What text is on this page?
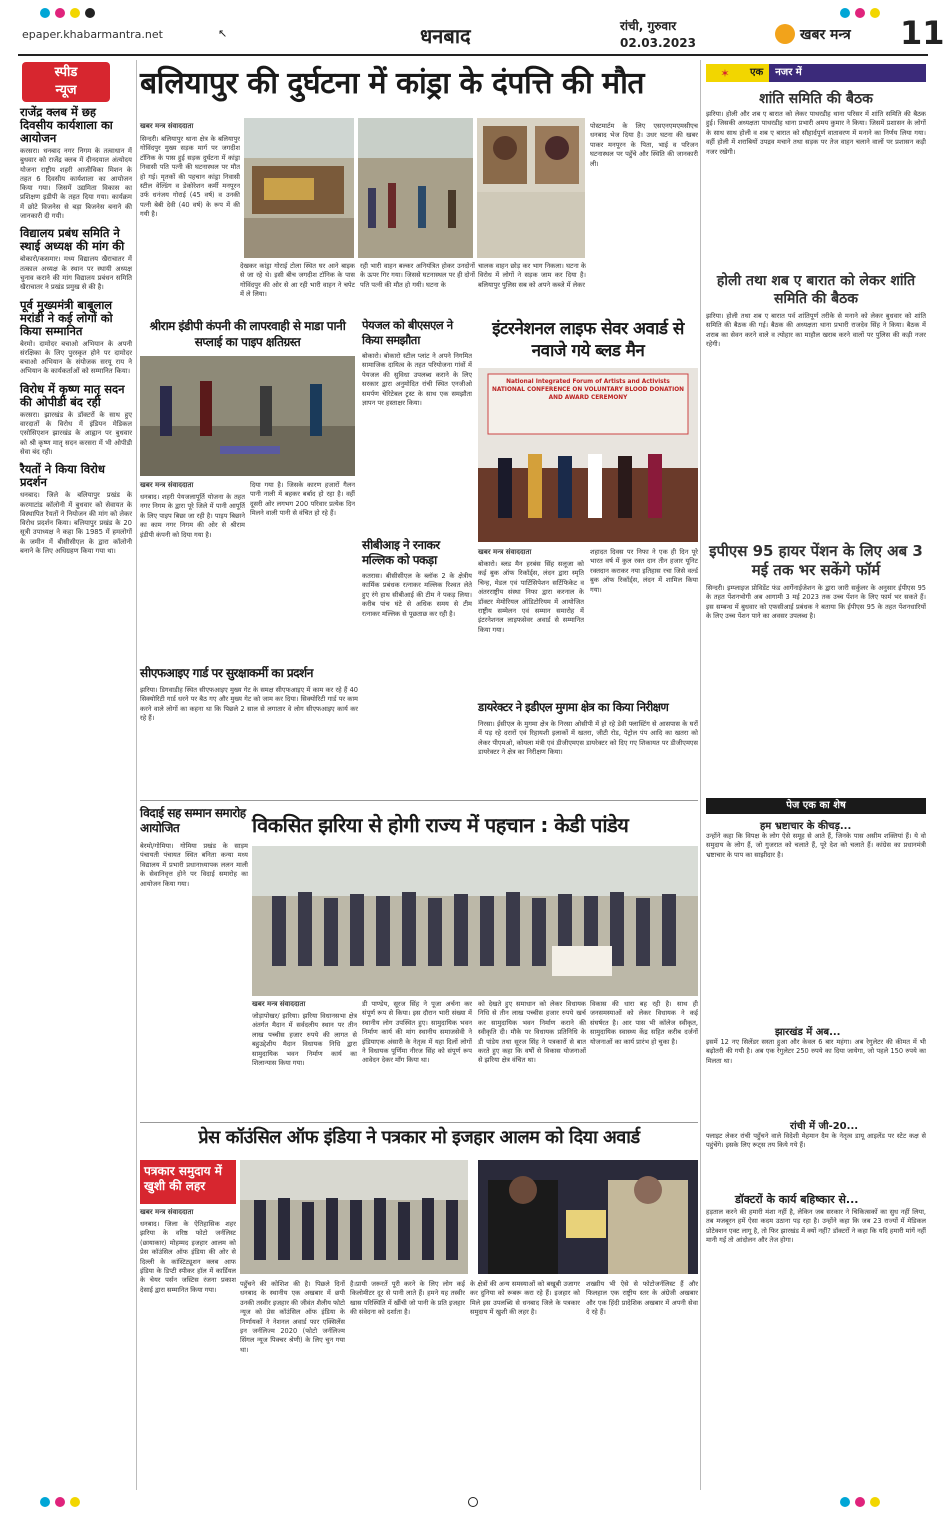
epaper.khabarmantra.net	↖	धनबाद	रांची, गुरुवार
02.03.2023
खबर मन्त्र 11
स्पीड
न्यूज
राजेंद्र क्लब में छह दिवसीय कार्यशाला का आयोजन
करसरा। धनबाद नगर निगम के तत्वाधान में बुधवार को राजेंद्र क्लब में दीनदयाल अंत्योदय योजना राष्ट्रीय शहरी आजीविका मिशन के तहत 6 दिवसीय कार्यशाला का आयोजन किया गया। जिसमें उद्यमिता विकास का प्रशिक्षण इडीपी के तहत दिया गया। कार्यक्रम में छोटे विजनेस से बड़ा बिजनेस बनाने की जानकारी दी गयी।
विद्यालय प्रबंध समिति ने स्थाई अध्यक्ष की मांग की
बोकारो/कसमार। मध्य विद्यालय खैराचातर में तत्काल अध्यक्ष के स्थान पर स्थायी अध्यक्ष चुनाव कराने की मांग विद्यालय प्रबंधन समिति खैराचातर ने प्रखंड प्रमुख से की है।
पूर्व मुख्यमंत्री बाबूलाल मरांडी ने कई लोगों को किया सम्मानित
बेरमो। दामोदर बचाओ अभियान के अपनी संरक्षिका के लिए पुरस्कृत होने पर दामोदर बचाओ अभियान के संयोजक सरयू राय ने अभियान के कार्यकर्ताओं को सम्मानित किया।
विरोध में कृष्ण मातृ सदन की ओपीडी बंद रही
करसरा। झारखंड के डॉक्टरों के साथ हुए वारदातों के विरोध में इंडियन मेडिकल एसोसिएशन झारखंड के आह्वान पर बुधवार को श्री कृष्ण मातृ सदन करसरा में भी ओपीडी सेवा बंद रही।
रैयतों ने किया विरोध प्रदर्शन
धनबाद। जिले के बलियापुर प्रखंड के करमाटांड कॉलोनी में बुधवार को सेवायत के विस्थापित रैयतों ने नियोजन की मांग को लेकर विरोध प्रदर्शन किया। बलियापुर प्रखंड के 20 सूत्री उपाध्यक्ष ने कहा कि 1985 में हमलोगों के जमीन में बीसीसीएल के द्वारा कॉलोनी बनाने के लिए अधिग्रहण किया गया था।
बलियापुर की दुर्घटना में कांड्रा के दंपत्ति की मौत
खबर मन्त्र संवाददाता
सिन्दरी। बलियापुर थाना क्षेत्र के बलियापुर गोविंदपुर मुख्य सड़क मार्ग पर जगदीश टॉनिक के पास हुई सड़क दुर्घटना में कांड्रा निवासी पति पत्नी की घटनास्थल पर मौत हो गई। मृतकों की पहचान कांड्रा निवासी स्टील वेल्डिंग व डेकोरेशन कर्मी मनपूरन उर्फ धनंजय गोराई (45 वर्ष) व उनकी पत्नी बेबी देवी (40 वर्ष) के रूप में की गयी है।
देखकर कांड्रा गोराई टोला स्थित घर आने बाइक से जा रहे थे। इसी बीच जगदीश टॉनिक के पास गोविंदपुर की ओर से आ रही भारी वाहन ने चपेट में ले लिया।
रही भारी वाहन बल्कर अनियंत्रित होकर उनदोनों के ऊपर गिर गया। जिससे घटनास्थल पर ही दोनों पति पत्नी की मौत हो गयी। घटना के
चालक वाहन छोड़ कर भाग निकला। घटना के विरोध में लोगों ने सड़क जाम कर दिया है। बलियापुर पुलिस सब को अपने कब्जे में लेकर
पोस्टमार्टम के लिए एसएनएमएमसीएच धनबाद भेज दिया है। उधर घटना की खबर पाकर मनपूरन के पिता, भाई व परिजन घटनास्थल पर पहुँचे और स्थिति की जानकारी ली।
श्रीराम इंडीपी कंपनी की लापरवाही से माडा पानी सप्लाई का पाइप क्षतिग्रस्त
खबर मन्त्र संवाददाता
धनबाद। शहरी पेयजलापूर्ति योजना के तहत नगर निगम के द्वारा पूरे जिले में पानी आपूर्ति के लिए पाइप बिछा जा रही है। पाइप बिछाने का काम नगर निगम की ओर से श्रीराम इंडीपी कंपनी को दिया गया है।
दिया गया है। जिसके कारण हजारों गैलन पानी नाली में बहकर बर्बाद हो रहा है। वहीं दूसरी ओर लगभग 200 परिवार प्रत्येक दिन मिलने वाली पानी से वंचित हो रहे हैं।
पेयजल को बीएसएल ने किया समझौता
बोकारो। बोकारो स्टील प्लांट ने अपने निगमित सामाजिक दायित्व के तहत परियोजना गांवों में पेयजल की सुविधा उपलब्ध कराने के लिए सरकार द्वारा अनुमोदित रांची स्थित एनजीओ समर्पण चेरिटेबल ट्रस्ट के साथ एक समझौता ज्ञापन पर हस्ताक्षर किया।
इंटरनेशनल लाइफ सेवर अवार्ड से नवाजे गये ब्लड मैन
National Integrated Forum of Artists and Activists NATIONAL CONFERENCE ON VOLUNTARY BLOOD DONATION AND AWARD CEREMONY
खबर मन्त्र संवाददाता
बोकारो। ब्लड मैन हरबंस सिंह सलूजा को कई बुक ऑफ रिकॉर्ड्स, लंदन द्वारा स्मृति चिन्ह, मेडल एवं पार्टिसिपेशन सर्टिफिकेट व अंतरराष्ट्रीय संस्था निफा द्वारा करनाल के डॉक्टर मेमोरियल ऑडिटोरियम में आयोजित राष्ट्रीय सम्मेलन एवं सम्मान समारोह में इंटरनेशनल लाइफसेवर अवार्ड से सम्मानित किया गया।
शहादत दिवस पर निफा ने एक ही दिन पूरे भारत वर्ष में कुल रक्त दान तीन हजार यूनिट रक्तदान कराकर नया इतिहास रचा जिसे वर्ल्ड बुक ऑफ रिकॉर्ड्स, लंदन में शामिल किया गया।
सीबीआइ ने रनाकर मल्लिक को पकड़ा
कतरास। बीसीसीएल के ब्लॉक 2 के क्षेत्रीय कार्मिक प्रबंधक रत्नाकर मल्लिक रिश्वत लेते हुए रंगे हाथ सीबीआई की टीम ने पकड़ लिया। करीब पांच घंटे से अधिक समय से टीम रत्नाकर मल्लिक से पूछताछ कर रही है।
सीएफआइए गार्ड पर सुरक्षाकर्मी का प्रदर्शन
झरिया। डिगवाडीह स्थित सीएफआइए मुख्य गेट के समक्ष सीएफआइए में काम कर रहे हैं 40 सिक्योरिटी गार्ड धरने पर बैठ गए और मुख्य गेट को जाम कर दिया। सिक्योरिटी गार्ड पर काम करने वाले लोगों का कहना था कि पिछले 2 साल से लगातार वे लोग सीएफआइए कार्य कर रहे हैं।
डायरेक्टर ने इडीएल मुगमा क्षेत्र का किया निरीक्षण
निरसा। ईसीएल के मुगमा क्षेत्र के निरसा ओसीपी में हो रहे डेवी फ्लास्टिंग से आसपास के घरों में पड़ रहे दरारों एवं रिहायशी इलाकों में खतरा, जीटी रोड, पेट्रोल पंप आदि का खतरा को लेकर पीएमओ, कोयला मंत्री एवं डीजीएमएस डायरेक्टर को दिए गए शिकायत पर डीजीएमएस डायरेक्टर ने क्षेत्र का निरीक्षण किया।
विदाई सह सम्मान समारोह आयोजित
बेरमो/गोमिया। गोमिया प्रखंड के साड़म पंचायती पंचायत स्थित बनिता कन्या मध्य विद्यालय में प्रभारी प्रधानाध्यापक ललन माली के सेवानिवृत्त होने पर विदाई समारोह का आयोजन किया गया।
विकसित झरिया से होगी राज्य में पहचान : केडी पांडेय
खबर मन्त्र संवाददाता
जोड़ापोखर/ झरिया। झरिया विधानसभा क्षेत्र अंतर्गत मैदान में सर्वदलीय स्थान पर तीन लाख पच्चीस हजार रुपये की लागत से बहुउद्देशीय मैदान विधायक निधि द्वारा सामुदायिक भवन निर्माण कार्य का शिलान्यास किया गया।
डी पाण्डेय, सूरज सिंह ने पूजा अर्चना कर संपूर्ण रूप से किया। इस दौरान भारी संख्या में स्थानीय लोग उपस्थित हुए। सामुदायिक भवन निर्माण कार्य की मांग स्थानीय समाजसेवी ने इंडियाएक अंसारी के नेतृत्व में यहा दिलों लोगों ने विधायक पूर्णिमा नीरज सिंह को संपूर्ण रूप आवेदन देकर माँग किया था।
को देखते हुए समाधान को लेकर विधायक निधि से तीन लाख पच्चीस हजार रुपये खर्च कर सामुदायिक भवन निर्माण कराने की स्वीकृति दी। मौके पर विधायक प्रतिनिधि के डी पांडेय तथा सूरज सिंह ने पत्रकारों से बात करते हुए कहा कि वर्षों से विकास योजनाओं से झरिया क्षेत्र वंचित था।
विकास की धारा बह रही है। साथ ही जनसमस्याओं को लेकर विधायक ने कई संघर्षरत है। आर पास भी कॉलेज स्वीकृत, सामुदायिक स्वास्थ्य केंद्र सहित करीब दर्जनों योजनाओं का कार्य प्रारंभ हो चुका है।
प्रेस कॉउंसिल ऑफ इंडिया ने पत्रकार मो इजहार आलम को दिया अवार्ड
पत्रकार समुदाय में खुशी की लहर
खबर मन्त्र संवाददाता
धनबाद। जिला के ऐतिहासिक शहर झरिया के वरिष्ठ फोटो जर्नलिस्ट (छायाकार) मोहम्मद इजहार आलम को प्रेस कॉउंसिल ऑफ इंडिया की ओर से दिल्ली के कांस्टिट्यूशन क्लब आफ इंडिया के डिप्टी स्पीकर हॉल में कार्डियल के चेयर पर्सन जस्टिस रंजना प्रकाश देसाई द्वारा सम्मानित किया गया।
पहुँचने की कोशिश की है। पिछले दिनों धनबाद के स्थानीय एक अखबार में छपी उनकी तस्वीर इजहार की जीवंत शैलीय फोटो न्यूज को प्रेस कॉउंसिल ऑफ इंडिया के निर्णायकों ने नेशनल अवार्ड फार एक्सिलेंस इन जर्नलिज्म 2020 (फोटो जर्नलिज्म सिंगल न्यूज पिक्चर श्रेणी) के लिए चुन गया था।
है।प्रायी जरूरतें पूरी करने के लिए लोग कई किलोमीटर दूर से पानी लाते हैं। हमने यह तस्वीर खास परिस्थिति में खींची जो पानी के प्रति इजहार की संवेदना को दर्शाता है।
के क्षेत्रों की अन्य समस्याओं को बखूबी उजागर कर दुनिया को रूबरू करा रहे हैं। इजहार को मिले इस उपलब्धि से धनबाद जिले के पत्रकार समुदाय में खुशी की लहर है।
शख्सीय भी ऐसे से फोटोजर्नलिस्ट हैं और फिलहाल एक राष्ट्रीय स्तर के अंग्रेजी अखबार और एक हिंदी प्रादेशिक अखबार में अपनी सेवा दे रहे हैं।
✶	एक	नजर में
शांति समिति की बैठक
झरिया। होली और शब ए बारात को लेकर पाथरडीह थाना परिसर में शांति समिति की बैठक हुई। जिसकी अध्यक्षता पाथरडीह थाना प्रभारी अमय कुमार ने किया। जिसमें प्रशासन के लोगों के साथ साथ होली व शब ए बारात को सौहार्दपूर्ण वातावरण में मनाने का निर्णय लिया गया। वहीं होली में शराबियों उपद्रव मचाने तथा सड़क पर तेज वाहन चलाने वालों पर प्रशासन कड़ी नजर रखेगी।
होली तथा शब ए बारात को लेकर शांति समिति की बैठक
झरिया। होली तथा शब ए बारात पर्व शांतिपूर्ण तरीके से मनाने को लेकर बुधवार को शांति समिति की बैठक की गई। बैठक की अध्यक्षता थाना प्रभारी राजदेव सिंह ने किया। बैठक में शराब का सेवन करने वाले व त्योहार का माहौल खराब करने वालों पर पुलिस की कड़ी नजर रहेगी।
इपीएस 95 हायर पेंशन के लिए अब 3 मई तक भर सकेंगे फॉर्म
सिन्दरी। इम्प्लाइज प्रोविडेंट फंड आर्गेनाईजेशन के द्वारा जारी सर्कुलर के अनुसार ईपीएस 95 के तहत पेंशनभोगी अब आगामी 3 मई 2023 तक उच्च पेंशन के लिए फार्म भर सकते हैं। इस सम्बन्ध में बुधवार को एफसीआई प्रबंधक ने बताया कि ईपीएस 95 के तहत पेंशनधारियों के लिए उच्च पेंशन पाने का अवसर उपलब्ध है।
पेज एक का शेष
हम भ्रष्टाचार के कीचड़...
उन्होंने कहा कि विपक्ष के लोग ऐसे समूह से आते हैं, जिनके पास असीम शक्तियां हैं। ये वो समुदाय के लोग हैं, जो गुजरात को चलाते हैं, पूरे देश को चलाते हैं। कांग्रेस का प्रधानमंत्री भ्रष्टाचार के पाप का साझीदार है।
झारखंड में अब...
इसमें 12 नए सिलेंडर सस्ता हुआ और केवल 6 बार महंगा। अब रेगुलेटर की कीमत में भी बढ़ोतरी की गयी है। अब एक रेगुलेटर 250 रुपये का दिया जायेगा, जो पहले 150 रुपये का मिलता था।
रांची में जी-20...
फ्लाइट लेकर रांची पहुँचने वाले विदेशी मेहमान दैम के नेतृत्व डायू आइलेंड पर स्टेट कक्ष से पहुंचेंगे। इसके लिए रूट्स तय किये गये हैं।
डॉक्टरों के कार्य बहिष्कार से...
हड़ताल करने की हमारी मंशा नहीं है, लेकिन जब सरकार ने चिकित्सकों का सुध नहीं लिया, तब मजबूरन हमें ऐसा कदम उठाना पड़ रहा है। उन्होंने कहा कि जब 23 राज्यों में मेडिकल प्रोटेक्शन एक्ट लागू है, तो फिर झारखंड में क्यों नहीं? डॉक्टरों ने कहा कि यदि हमारी मांगें नहीं मानी गईं तो आंदोलन और तेज होगा।
